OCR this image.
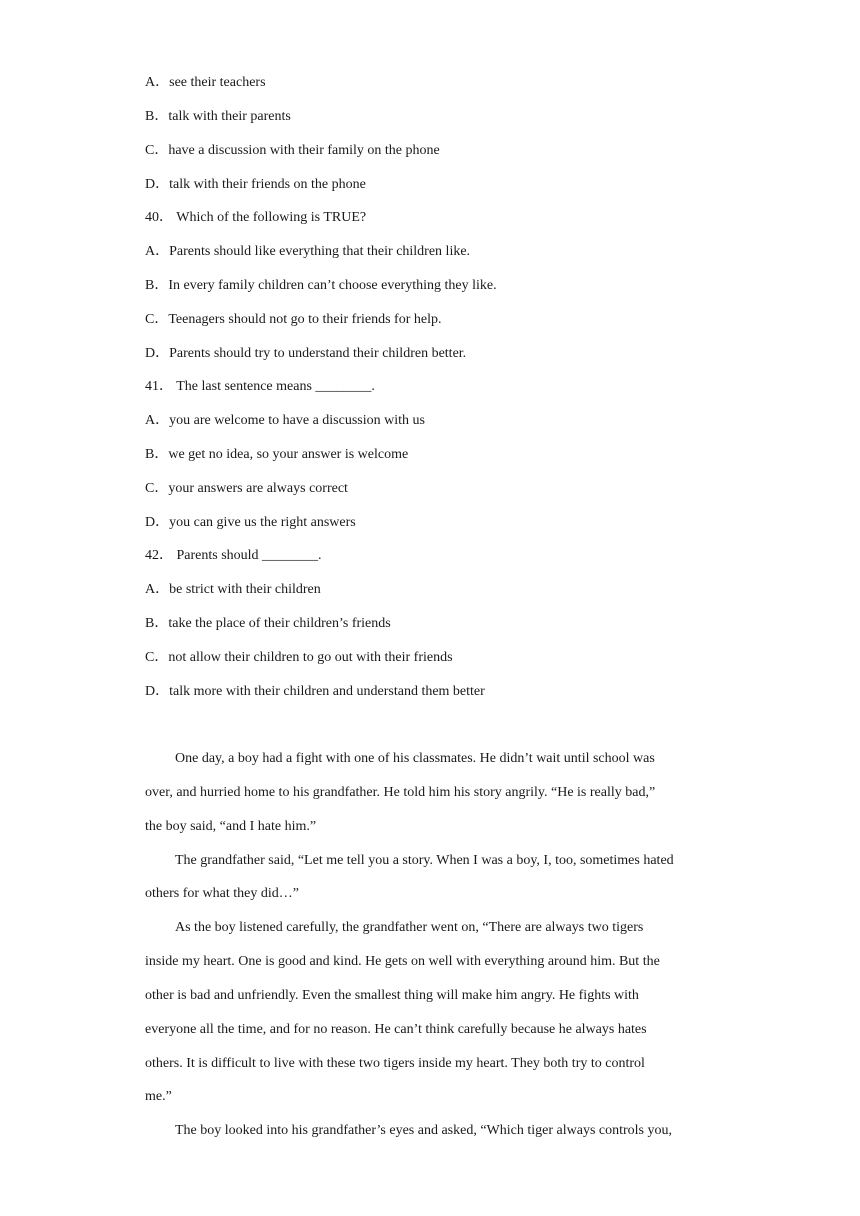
A．see their teachers
B．talk with their parents
C．have a discussion with their family on the phone
D．talk with their friends on the phone
40． Which of the following is TRUE?
A．Parents should like everything that their children like.
B．In every family children can’t choose everything they like.
C．Teenagers should not go to their friends for help.
D．Parents should try to understand their children better.
41． The last sentence means ________.
A．you are welcome to have a discussion with us
B．we get no idea, so your answer is welcome
C．your answers are always correct
D．you can give us the right answers
42． Parents should ________.
A．be strict with their children
B．take the place of their children’s friends
C．not allow their children to go out with their friends
D．talk more with their children and understand them better
One day, a boy had a fight with one of his classmates. He didn’t wait until school was
over, and hurried home to his grandfather. He told him his story angrily. “He is really bad,”
the boy said, “and I hate him.”
The grandfather said, “Let me tell you a story. When I was a boy, I, too, sometimes hated
others for what they did…”
As the boy listened carefully, the grandfather went on, “There are always two tigers
inside my heart. One is good and kind. He gets on well with everything around him. But the
other is bad and unfriendly. Even the smallest thing will make him angry. He fights with
everyone all the time, and for no reason. He can’t think carefully because he always hates
others. It is difficult to live with these two tigers inside my heart. They both try to control
me.”
The boy looked into his grandfather’s eyes and asked, “Which tiger always controls you,
